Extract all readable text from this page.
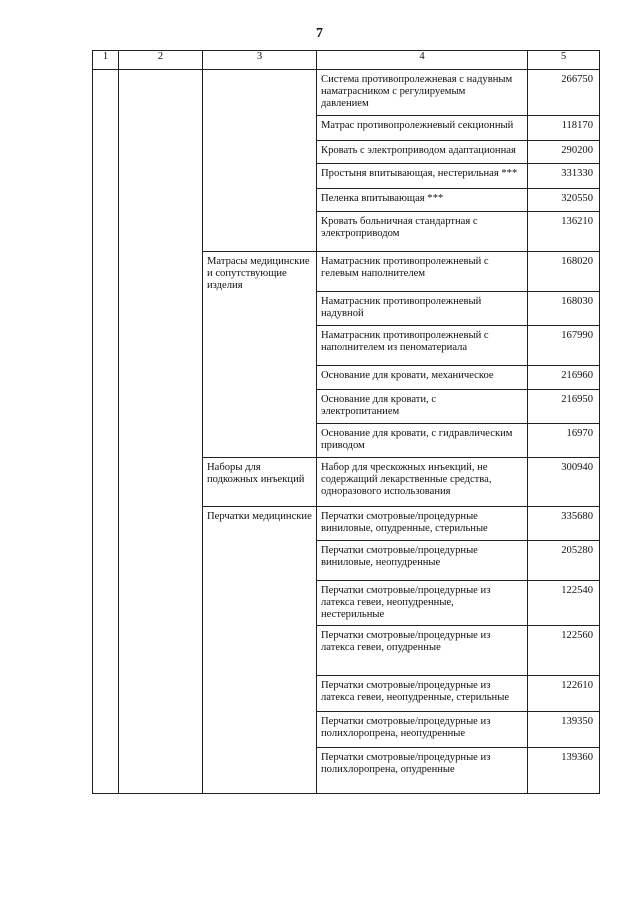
7
1	2	3	4	5

			Система противопролежневая с надувным
наматрасником с регулируемым
давлением	266750

			Матрас противопролежневый секционный	118170

			Кровать с электроприводом адаптационная	290200

			Простыня впитывающая, нестерильная ***	331330

			Пеленка впитывающая ***	320550

			Кровать больничная стандартная с
электроприводом	136210

		Матрасы медицинские
и сопутствующие
изделия	Наматрасник противопролежневый с
гелевым наполнителем	168020

			Наматрасник противопролежневый
надувной	168030

			Наматрасник противопролежневый с
наполнителем из пеноматериала	167990

			Основание для кровати, механическое	216960

			Основание для кровати, с
электропитанием	216950

			Основание для кровати, с гидравлическим
приводом	16970

		Наборы для
подкожных инъекций	Набор для чрескожных инъекций, не
содержащий лекарственные средства,
одноразового использования	300940

		Перчатки медицинские	Перчатки смотровые/процедурные
виниловые, опудренные, стерильные	335680

			Перчатки смотровые/процедурные
виниловые, неопудренные	205280

			Перчатки смотровые/процедурные из
латекса гевеи, неопудренные,
нестерильные	122540

			Перчатки смотровые/процедурные из
латекса гевеи, опудренные	122560

			Перчатки смотровые/процедурные из
латекса гевеи, неопудренные, стерильные	122610

			Перчатки смотровые/процедурные из
полихлоропрена, неопудренные	139350

			Перчатки смотровые/процедурные из
полихлоропрена, опудренные	139360
